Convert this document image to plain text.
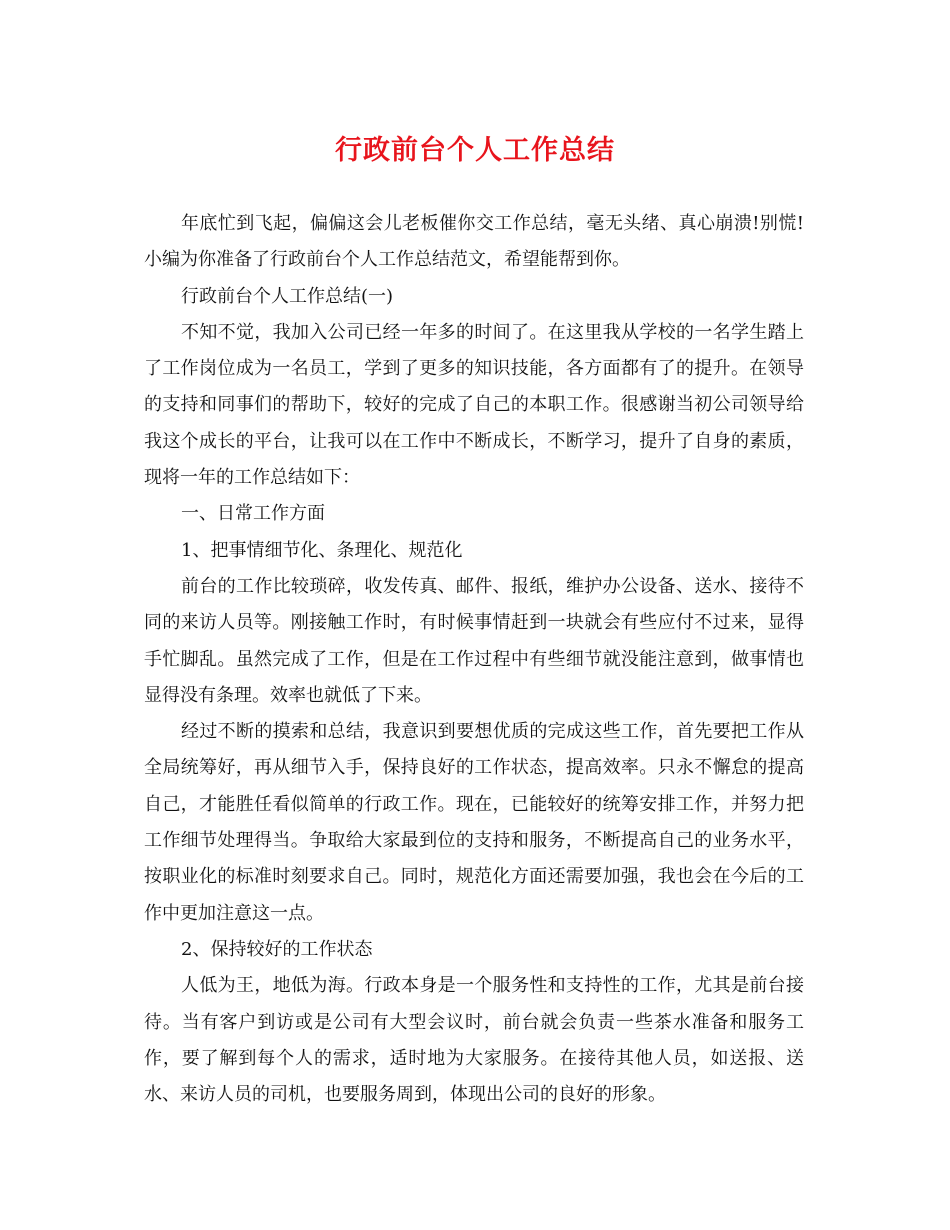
行政前台个人工作总结

年底忙到飞起，偏偏这会儿老板催你交工作总结，毫无头绪、真心崩溃!别慌!小编为你准备了行政前台个人工作总结范文，希望能帮到你。

行政前台个人工作总结(一)

不知不觉，我加入公司已经一年多的时间了。在这里我从学校的一名学生踏上了工作岗位成为一名员工，学到了更多的知识技能，各方面都有了的提升。在领导的支持和同事们的帮助下，较好的完成了自己的本职工作。很感谢当初公司领导给我这个成长的平台，让我可以在工作中不断成长，不断学习，提升了自身的素质，现将一年的工作总结如下：

一、日常工作方面

1、把事情细节化、条理化、规范化

前台的工作比较琐碎，收发传真、邮件、报纸，维护办公设备、送水、接待不同的来访人员等。刚接触工作时，有时候事情赶到一块就会有些应付不过来，显得手忙脚乱。虽然完成了工作，但是在工作过程中有些细节就没能注意到，做事情也显得没有条理。效率也就低了下来。

经过不断的摸索和总结，我意识到要想优质的完成这些工作，首先要把工作从全局统筹好，再从细节入手，保持良好的工作状态，提高效率。只永不懈怠的提高自己，才能胜任看似简单的行政工作。现在，已能较好的统筹安排工作，并努力把工作细节处理得当。争取给大家最到位的支持和服务，不断提高自己的业务水平，按职业化的标准时刻要求自己。同时，规范化方面还需要加强，我也会在今后的工作中更加注意这一点。

2、保持较好的工作状态

人低为王，地低为海。行政本身是一个服务性和支持性的工作，尤其是前台接待。当有客户到访或是公司有大型会议时，前台就会负责一些茶水准备和服务工作，要了解到每个人的需求，适时地为大家服务。在接待其他人员，如送报、送水、来访人员的司机，也要服务周到，体现出公司的良好的形象。
